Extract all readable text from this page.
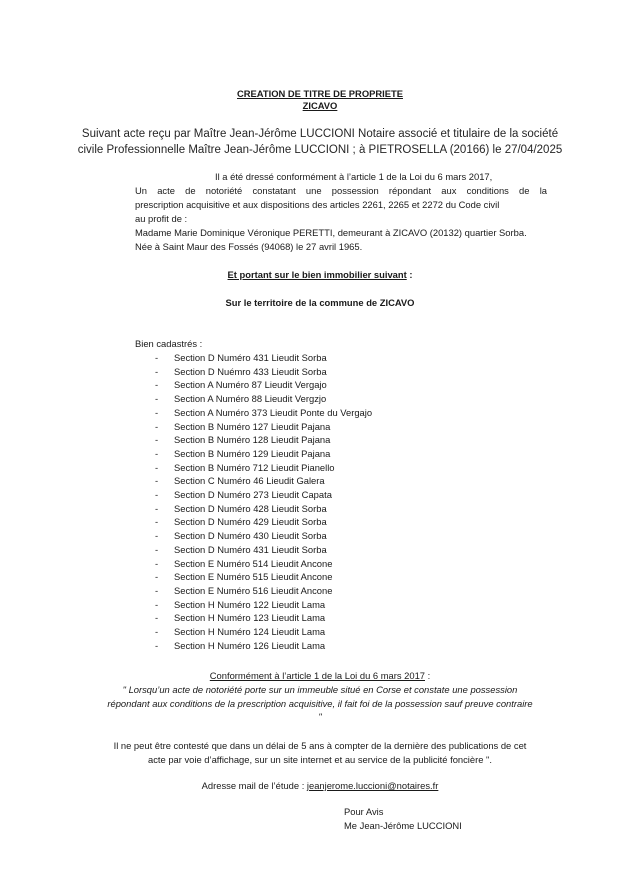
CREATION DE TITRE DE PROPRIETE
ZICAVO
Suivant acte reçu par Maître Jean-Jérôme LUCCIONI Notaire associé et titulaire de la société
civile Professionnelle Maître Jean-Jérôme LUCCIONI ; à PIETROSELLA (20166) le 27/04/2025
Il a été dressé conformément à l’article 1 de la Loi du 6 mars 2017,
Un acte de notoriété constatant une possession répondant aux conditions de la
prescription acquisitive et aux dispositions des articles 2261, 2265 et 2272 du Code civil
au profit de :
Madame Marie Dominique Véronique PERETTI, demeurant à ZICAVO (20132) quartier Sorba.
Née à Saint Maur des Fossés (94068) le 27 avril 1965.
Et portant sur le bien immobilier suivant :
Sur le territoire de la commune de ZICAVO
Bien cadastrés :
-	Section D Numéro 431 Lieudit Sorba
-	Section D Nuémro 433 Lieudit Sorba
-	Section A Numéro 87 Lieudit Vergajo
-	Section A Numéro 88 Lieudit Vergzjo
-	Section A Numéro 373 Lieudit Ponte du Vergajo
-	Section B Numéro 127 Lieudit Pajana
-	Section B Numéro 128 Lieudit Pajana
-	Section B Numéro 129 Lieudit Pajana
-	Section B Numéro 712 Lieudit Pianello
-	Section C Numéro 46 Lieudit Galera
-	Section D Numéro 273 Lieudit Capata
-	Section D Numéro 428 Lieudit Sorba
-	Section D Numéro 429 Lieudit Sorba
-	Section D Numéro 430 Lieudit Sorba
-	Section D Numéro 431 Lieudit Sorba
-	Section E Numéro 514 Lieudit Ancone
-	Section E Numéro 515 Lieudit Ancone
-	Section E Numéro 516 Lieudit Ancone
-	Section H Numéro 122 Lieudit Lama
-	Section H Numéro 123 Lieudit Lama
-	Section H Numéro 124 Lieudit Lama
-	Section H Numéro 126 Lieudit Lama
Conformément à l’article 1 de la Loi du 6 mars 2017 :
" Lorsqu’un acte de notoriété porte sur un immeuble situé en Corse et constate une possession
répondant aux conditions de la prescription acquisitive, il fait foi de la possession sauf preuve contraire
"
Il ne peut être contesté que dans un délai de 5 ans à compter de la dernière des publications de cet
acte par voie d’affichage, sur un site internet et au service de la publicité foncière ".
Adresse mail de l’étude : jeanjerome.luccioni@notaires.fr
Pour Avis
Me Jean-Jérôme LUCCIONI
